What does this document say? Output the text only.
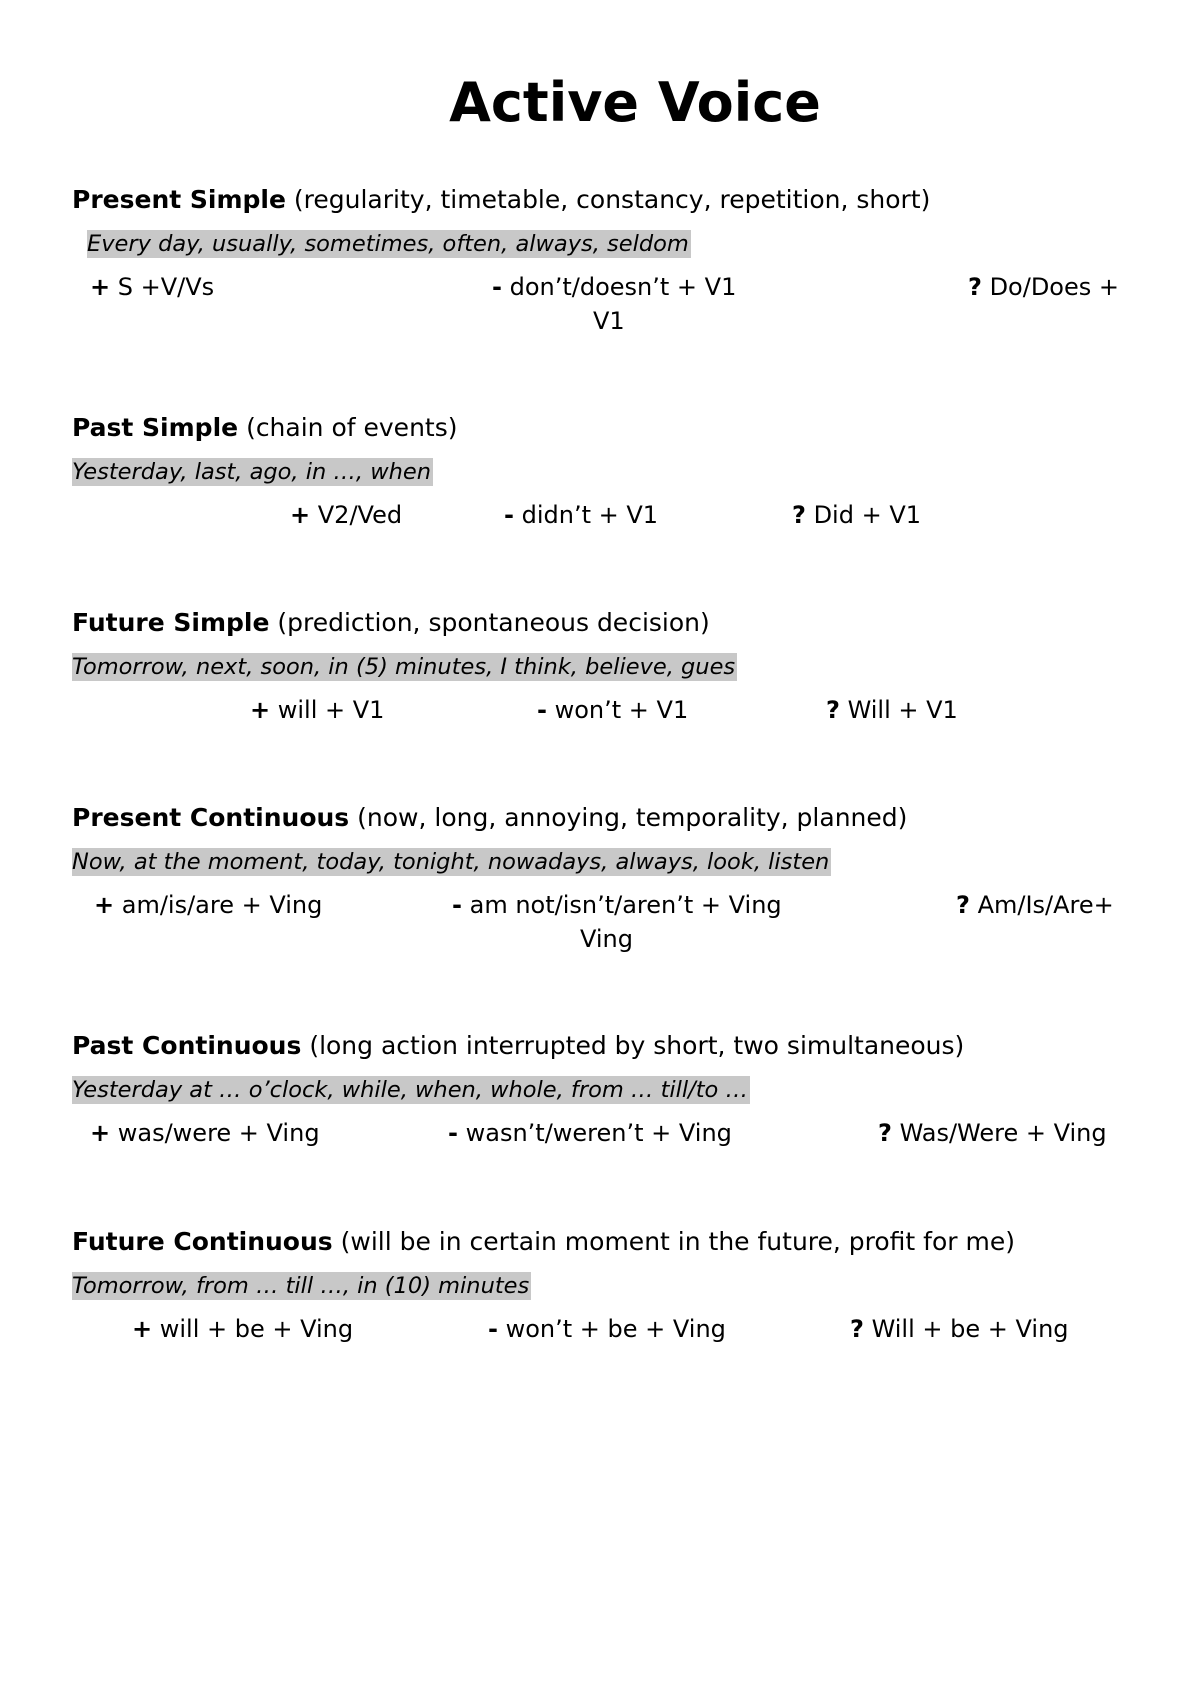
Active Voice
Present Simple (regularity, timetable, constancy, repetition, short)
Every day, usually, sometimes, often, always, seldom
+ S +V/Vs	- don’t/doesn’t + V1	? Do/Does +
V1
Past Simple (chain of events)
Yesterday, last, ago, in …, when
+ V2/Ved	- didn’t + V1	? Did + V1
Future Simple (prediction, spontaneous decision)
Tomorrow, next, soon, in (5) minutes, I think, believe, gues
+ will + V1	- won’t + V1	? Will + V1
Present Continuous (now, long, annoying, temporality, planned)
Now, at the moment, today, tonight, nowadays, always, look, listen
+ am/is/are + Ving	- am not/isn’t/aren’t + Ving	? Am/Is/Are+
Ving
Past Continuous (long action interrupted by short, two simultaneous)
Yesterday at … o’clock, while, when, whole, from … till/to …
+ was/were + Ving	- wasn’t/weren’t + Ving	? Was/Were + Ving
Future Continuous (will be in certain moment in the future, profit for me)
Tomorrow, from … till …, in (10) minutes
+ will + be + Ving	- won’t + be + Ving	? Will + be + Ving
